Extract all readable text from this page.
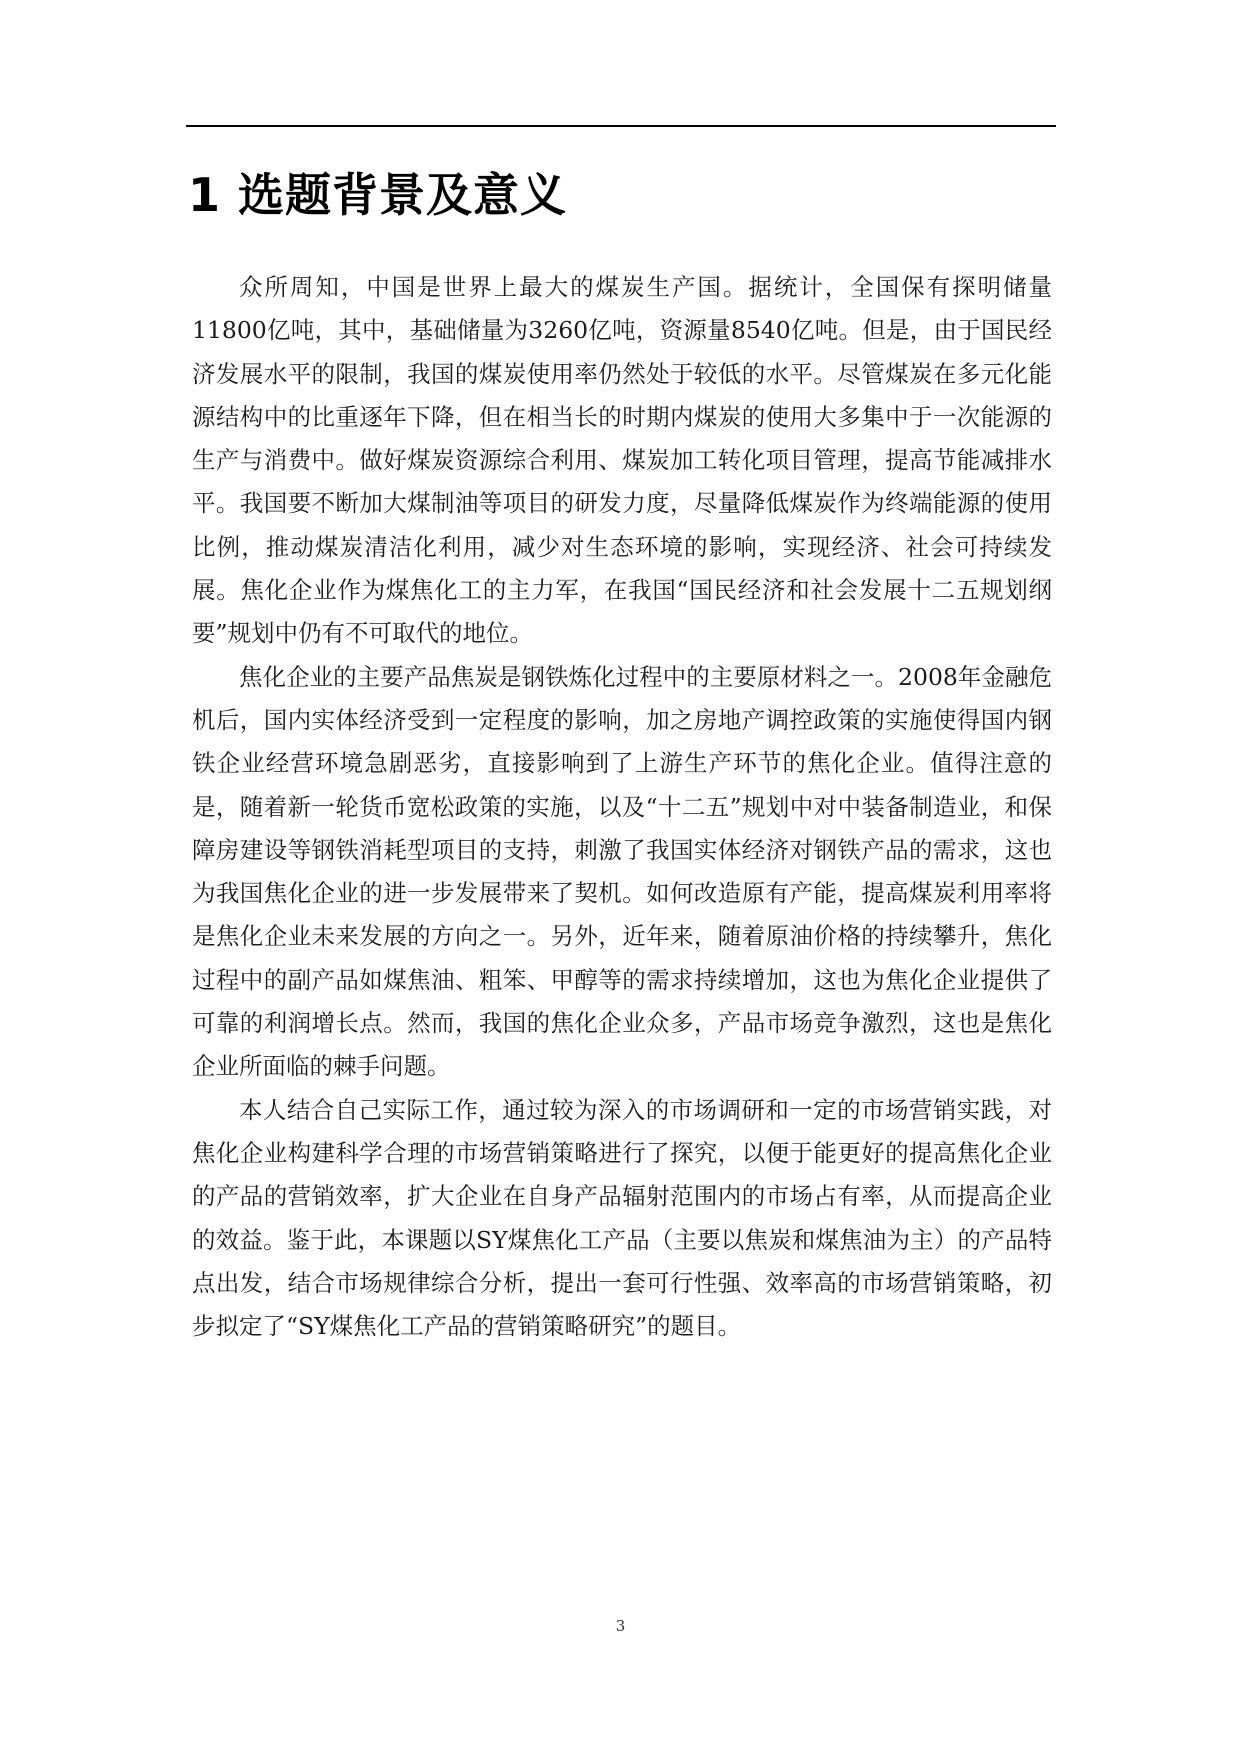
1 选题背景及意义

众所周知，中国是世界上最大的煤炭生产国。据统计，全国保有探明储量11800亿吨，其中，基础储量为3260亿吨，资源量8540亿吨。但是，由于国民经济发展水平的限制，我国的煤炭使用率仍然处于较低的水平。尽管煤炭在多元化能源结构中的比重逐年下降，但在相当长的时期内煤炭的使用大多集中于一次能源的生产与消费中。做好煤炭资源综合利用、煤炭加工转化项目管理，提高节能减排水平。我国要不断加大煤制油等项目的研发力度，尽量降低煤炭作为终端能源的使用比例，推动煤炭清洁化利用，减少对生态环境的影响，实现经济、社会可持续发展。焦化企业作为煤焦化工的主力军，在我国“国民经济和社会发展十二五规划纲要”规划中仍有不可取代的地位。

焦化企业的主要产品焦炭是钢铁炼化过程中的主要原材料之一。2008年金融危机后，国内实体经济受到一定程度的影响，加之房地产调控政策的实施使得国内钢铁企业经营环境急剧恶劣，直接影响到了上游生产环节的焦化企业。值得注意的是，随着新一轮货币宽松政策的实施，以及“十二五”规划中对中装备制造业，和保障房建设等钢铁消耗型项目的支持，刺激了我国实体经济对钢铁产品的需求，这也为我国焦化企业的进一步发展带来了契机。如何改造原有产能，提高煤炭利用率将是焦化企业未来发展的方向之一。另外，近年来，随着原油价格的持续攀升，焦化过程中的副产品如煤焦油、粗笨、甲醇等的需求持续增加，这也为焦化企业提供了可靠的利润增长点。然而，我国的焦化企业众多，产品市场竞争激烈，这也是焦化企业所面临的棘手问题。

本人结合自己实际工作，通过较为深入的市场调研和一定的市场营销实践，对焦化企业构建科学合理的市场营销策略进行了探究，以便于能更好的提高焦化企业的产品的营销效率，扩大企业在自身产品辐射范围内的市场占有率，从而提高企业的效益。鉴于此，本课题以SY煤焦化工产品（主要以焦炭和煤焦油为主）的产品特点出发，结合市场规律综合分析，提出一套可行性强、效率高的市场营销策略，初步拟定了“SY煤焦化工产品的营销策略研究”的题目。

3
